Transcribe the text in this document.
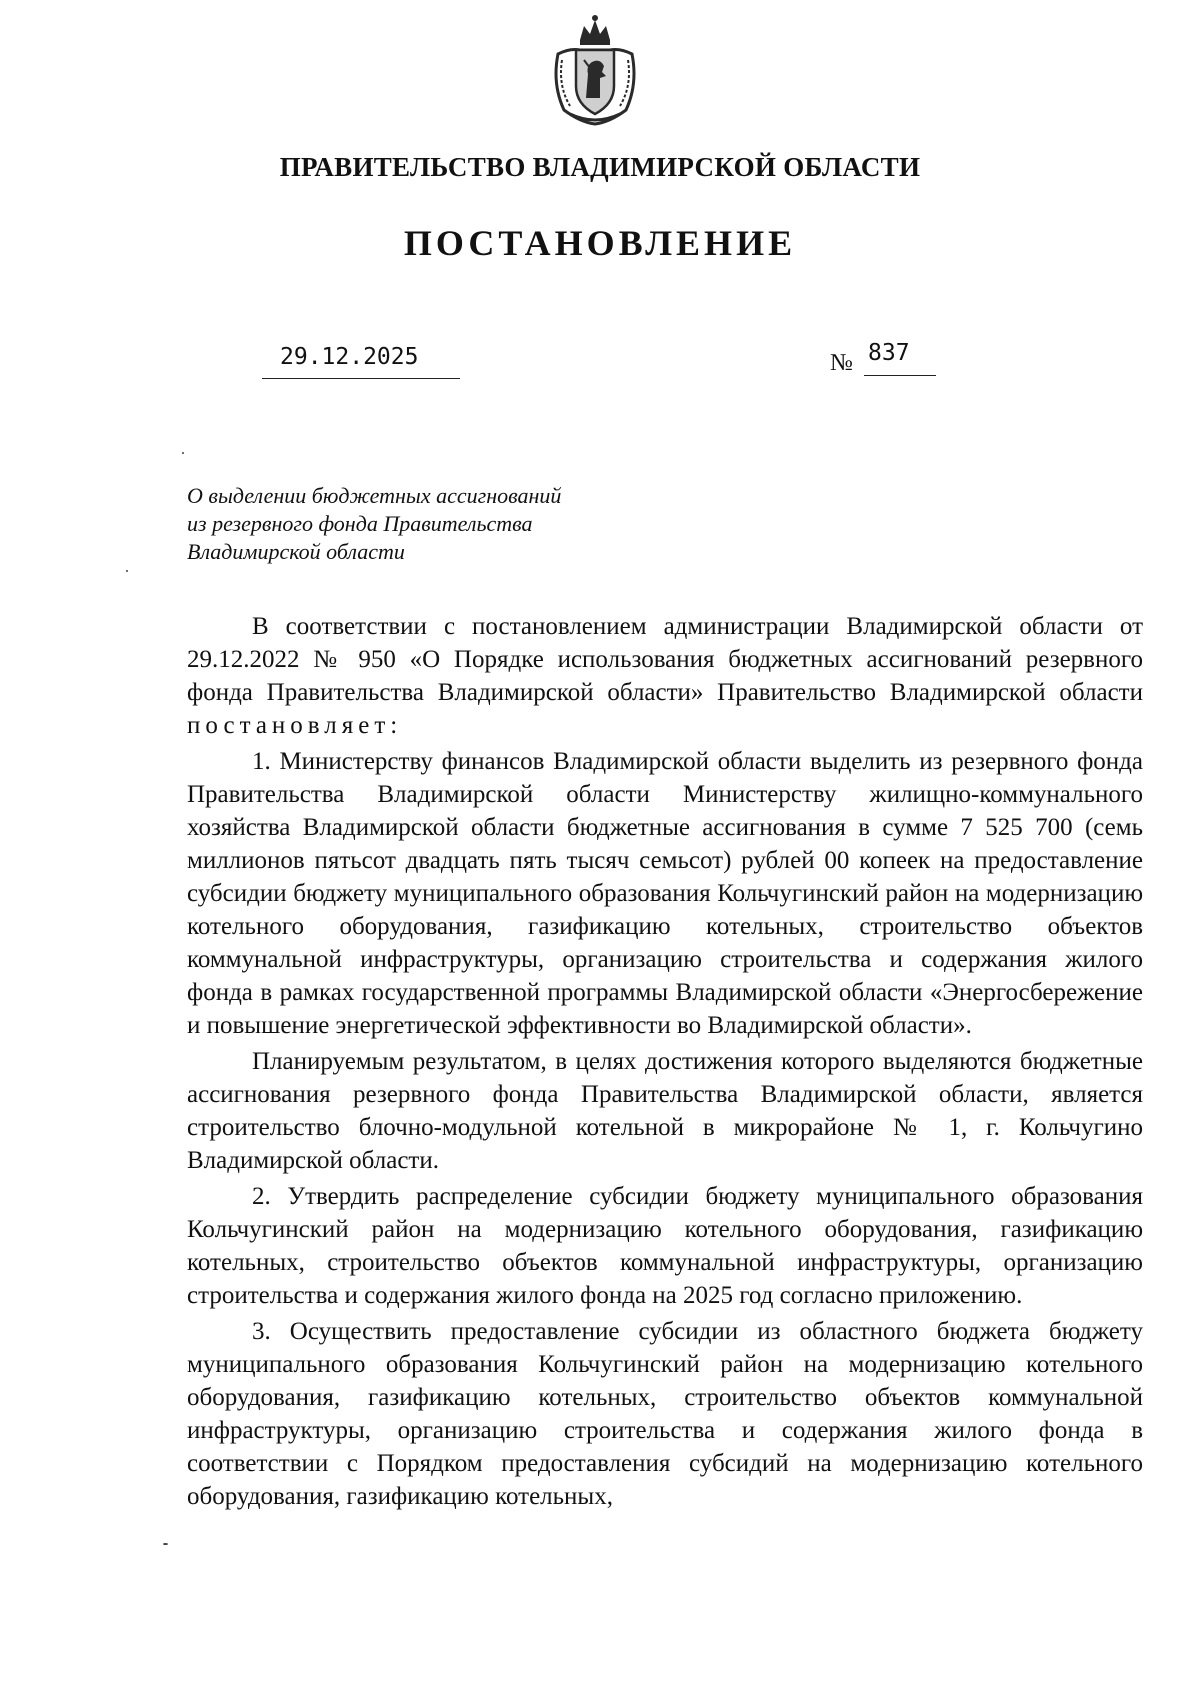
ПРАВИТЕЛЬСТВО ВЛАДИМИРСКОЙ ОБЛАСТИ
ПОСТАНОВЛЕНИЕ
29.12.2025	№ 837
О выделении бюджетных ассигнований
из резервного фонда Правительства
Владимирской области

В соответствии с постановлением администрации Владимирской области от 29.12.2022 № 950 «О Порядке использования бюджетных ассигнований резервного фонда Правительства Владимирской области» Правительство Владимирской области постановляет:

1. Министерству финансов Владимирской области выделить из резервного фонда Правительства Владимирской области Министерству жилищно-коммунального хозяйства Владимирской области бюджетные ассигнования в сумме 7 525 700 (семь миллионов пятьсот двадцать пять тысяч семьсот) рублей 00 копеек на предоставление субсидии бюджету муниципального образования Кольчугинский район на модернизацию котельного оборудования, газификацию котельных, строительство объектов коммунальной инфраструктуры, организацию строительства и содержания жилого фонда в рамках государственной программы Владимирской области «Энергосбережение и повышение энергетической эффективности во Владимирской области».

Планируемым результатом, в целях достижения которого выделяются бюджетные ассигнования резервного фонда Правительства Владимирской области, является строительство блочно-модульной котельной в микрорайоне № 1, г. Кольчугино Владимирской области.

2. Утвердить распределение субсидии бюджету муниципального образования Кольчугинский район на модернизацию котельного оборудования, газификацию котельных, строительство объектов коммунальной инфраструктуры, организацию строительства и содержания жилого фонда на 2025 год согласно приложению.

3. Осуществить предоставление субсидии из областного бюджета бюджету муниципального образования Кольчугинский район на модернизацию котельного оборудования, газификацию котельных, строительство объектов коммунальной инфраструктуры, организацию строительства и содержания жилого фонда в соответствии с Порядком предоставления субсидий на модернизацию котельного оборудования, газификацию котельных,
